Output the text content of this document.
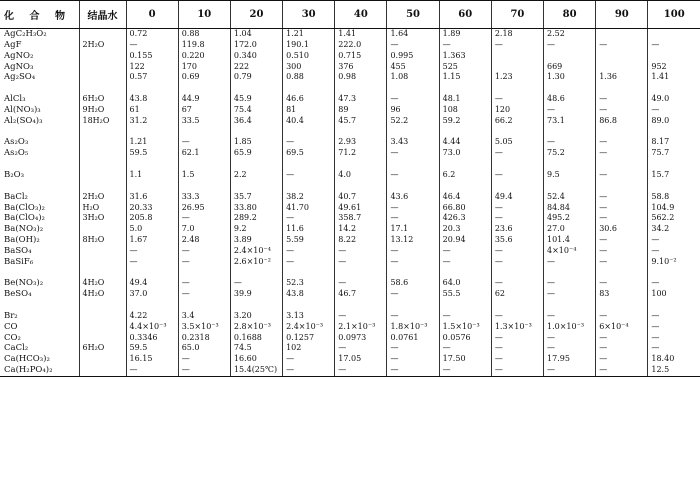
化 合 物	结晶水	0	10	20	30	40	50	60	70	80	90	100
AgC₂H₃O₂		0.72	0.88	1.04	1.21	1.41	1.64	1.89	2.18	2.52		
AgF	2H₂O	—	119.8	172.0	190.1	222.0	—	—	—	—	—	—
AgNO₂		0.155	0.220	0.340	0.510	0.715	0.995	1.363				
AgNO₃		122	170	222	300	376	455	525		669		952
Ag₂SO₄		0.57	0.69	0.79	0.88	0.98	1.08	1.15	1.23	1.30	1.36	1.41

AlCl₃	6H₂O	43.8	44.9	45.9	46.6	47.3	—	48.1	—	48.6	—	49.0
Al(NO₃)₃	9H₂O	61	67	75.4	81	89	96	108	120	—	—	—
Al₂(SO₄)₃	18H₂O	31.2	33.5	36.4	40.4	45.7	52.2	59.2	66.2	73.1	86.8	89.0

As₂O₃		1.21	—	1.85	—	2.93	3.43	4.44	5.05	—	—	8.17
As₂O₅		59.5	62.1	65.9	69.5	71.2	—	73.0	—	75.2	—	75.7

B₂O₃		1.1	1.5	2.2	—	4.0	—	6.2	—	9.5	—	15.7

BaCl₂	2H₂O	31.6	33.3	35.7	38.2	40.7	43.6	46.4	49.4	52.4	—	58.8
Ba(ClO₃)₂	H₂O	20.33	26.95	33.80	41.70	49.61	—	66.80	—	84.84	—	104.9
Ba(ClO₄)₂	3H₂O	205.8	—	289.2	—	358.7	—	426.3	—	495.2	—	562.2
Ba(NO₃)₂		5.0	7.0	9.2	11.6	14.2	17.1	20.3	23.6	27.0	30.6	34.2
Ba(OH)₂	8H₂O	1.67	2.48	3.89	5.59	8.22	13.12	20.94	35.6	101.4	—	—
BaSO₄		—	—	2.4×10⁻⁴	—	—	—	—	—	4×10⁻⁴	—	—
BaSiF₆		—	—	2.6×10⁻²	—	—	—	—	—	—	—	9.10⁻²

Be(NO₃)₂	4H₂O	49.4	—	—	52.3	—	58.6	64.0	—	—	—	—
BeSO₄	4H₂O	37.0	—	39.9	43.8	46.7	—	55.5	62	—	83	100

Br₂		4.22	3.4	3.20	3.13	—	—	—	—	—	—	—
CO		4.4×10⁻³	3.5×10⁻³	2.8×10⁻³	2.4×10⁻³	2.1×10⁻³	1.8×10⁻³	1.5×10⁻³	1.3×10⁻³	1.0×10⁻³	6×10⁻⁴	—
CO₂		0.3346	0.2318	0.1688	0.1257	0.0973	0.0761	0.0576	—	—	—	—
CaCl₂	6H₂O	59.5	65.0	74.5	102	—	—	—	—	—	—	—
Ca(HCO₃)₂		16.15	—	16.60	—	17.05	—	17.50	—	17.95	—	18.40
Ca(H₂PO₄)₂		—	—	15.4(25℃)	—	—	—	—	—	—	—	12.5
